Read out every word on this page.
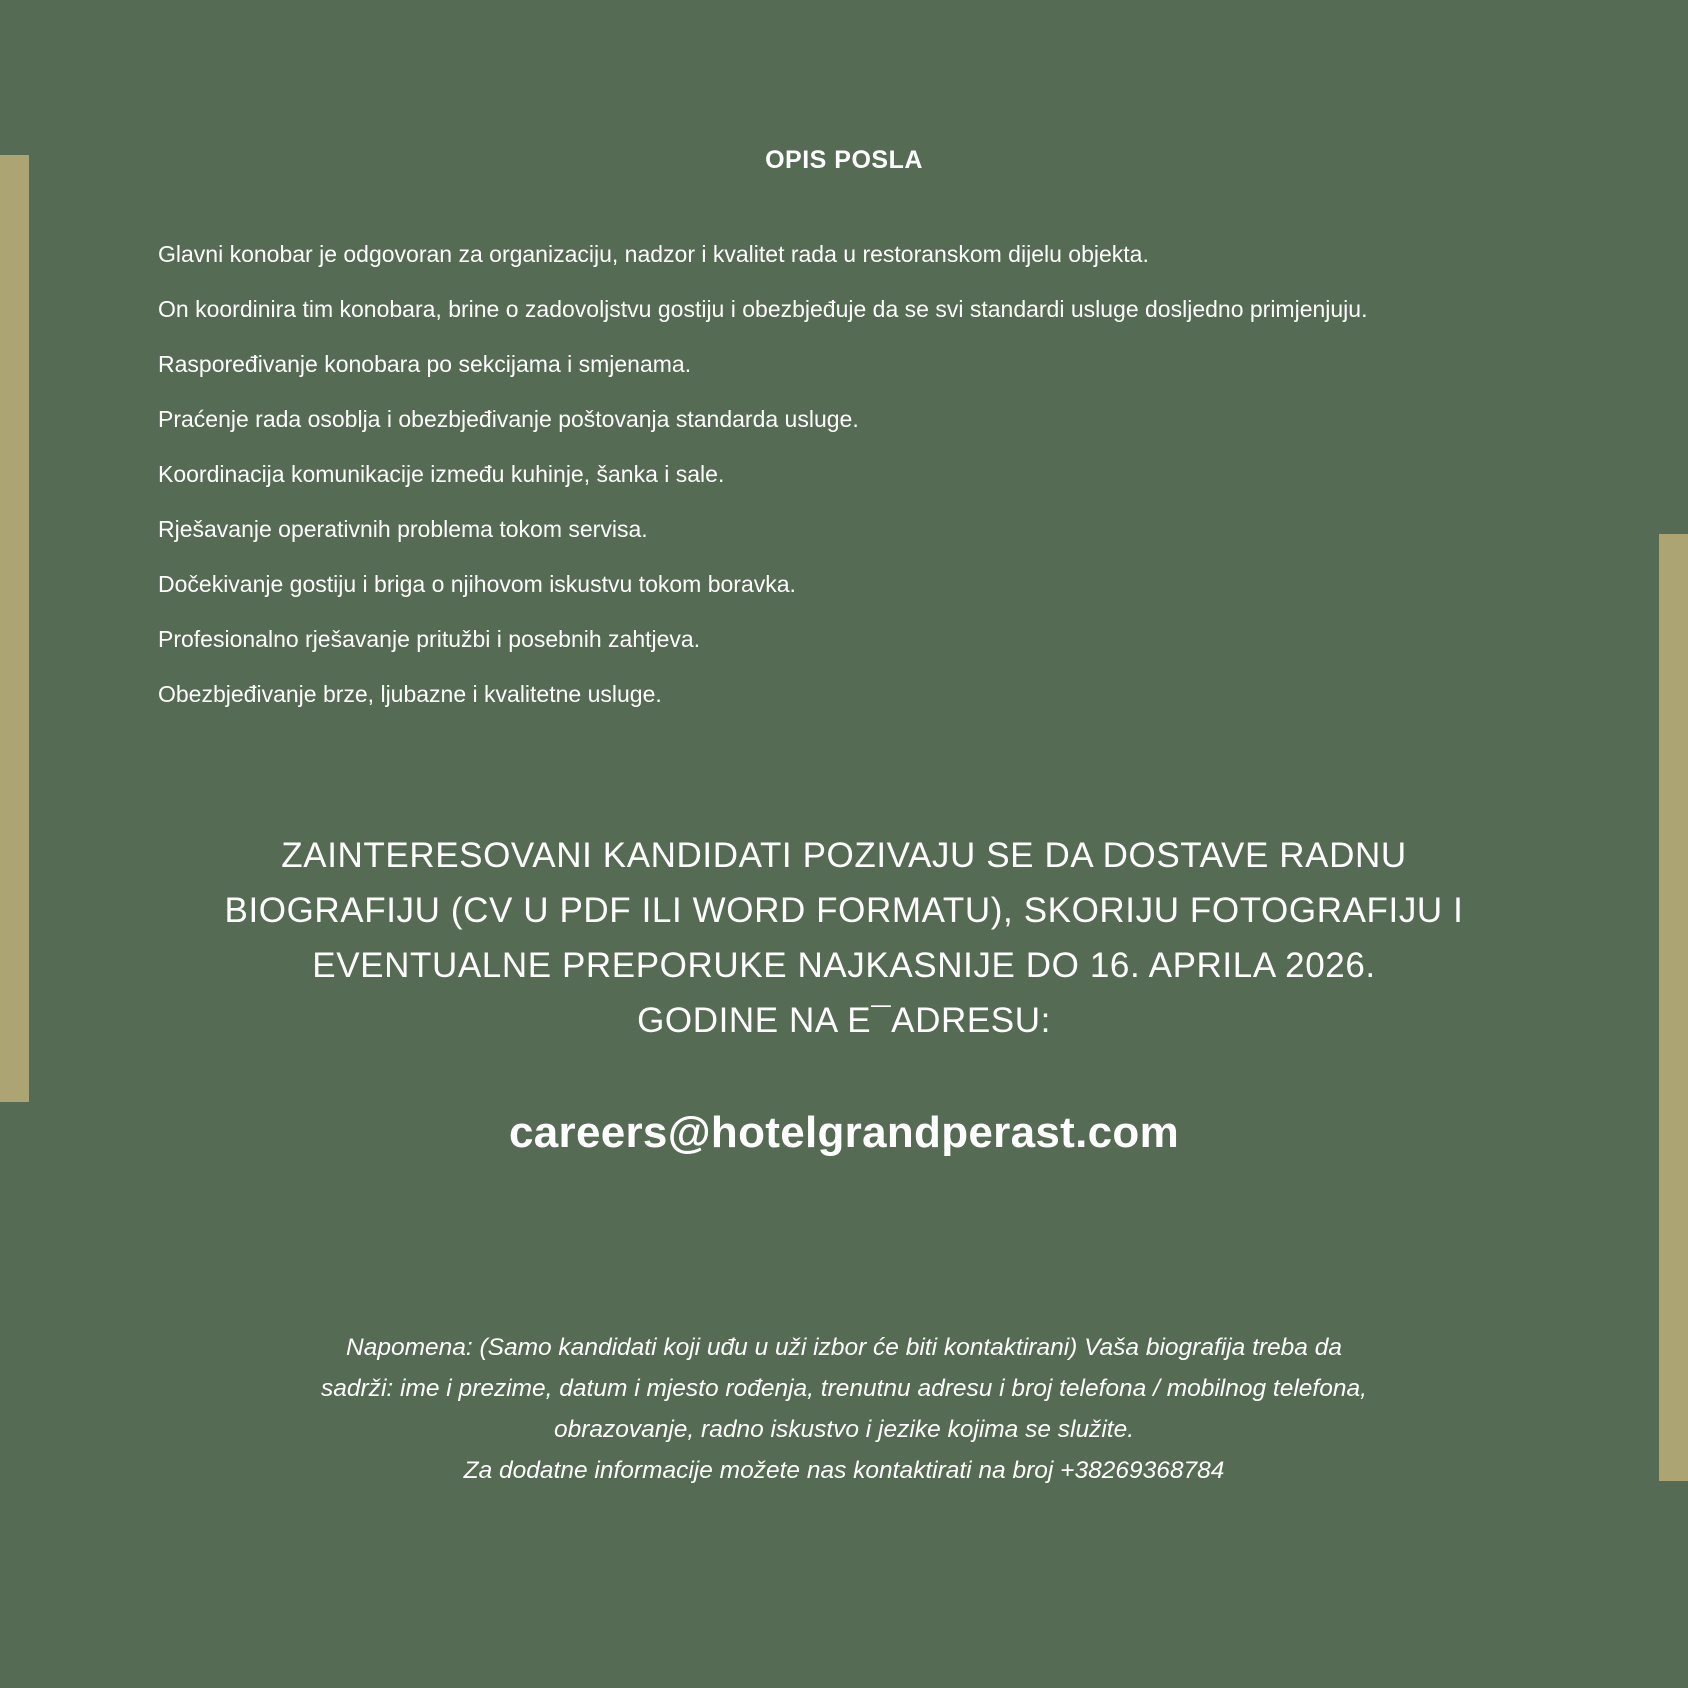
OPIS POSLA
Glavni konobar je odgovoran za organizaciju, nadzor i kvalitet rada u restoranskom dijelu objekta.
On koordinira tim konobara, brine o zadovoljstvu gostiju i obezbjeđuje da se svi standardi usluge dosljedno primjenjuju.
Raspoređivanje konobara po sekcijama i smjenama.
Praćenje rada osoblja i obezbjeđivanje poštovanja standarda usluge.
Koordinacija komunikacije između kuhinje, šanka i sale.
Rješavanje operativnih problema tokom servisa.
Dočekivanje gostiju i briga o njihovom iskustvu tokom boravka.
Profesionalno rješavanje pritužbi i posebnih zahtjeva.
Obezbjeđivanje brze, ljubazne i kvalitetne usluge.
ZAINTERESOVANI KANDIDATI POZIVAJU SE DA DOSTAVE RADNU
BIOGRAFIJU (CV U PDF ILI WORD FORMATU), SKORIJU FOTOGRAFIJU I
EVENTUALNE PREPORUKE NAJKASNIJE DO 16. APRILA 2026.
GODINE NA E¯ADRESU:
careers@hotelgrandperast.com
Napomena: (Samo kandidati koji uđu u uži izbor će biti kontaktirani) Vaša biografija treba da
sadrži: ime i prezime, datum i mjesto rođenja, trenutnu adresu i broj telefona / mobilnog telefona,
obrazovanje, radno iskustvo i jezike kojima se služite.
Za dodatne informacije možete nas kontaktirati na broj +38269368784
